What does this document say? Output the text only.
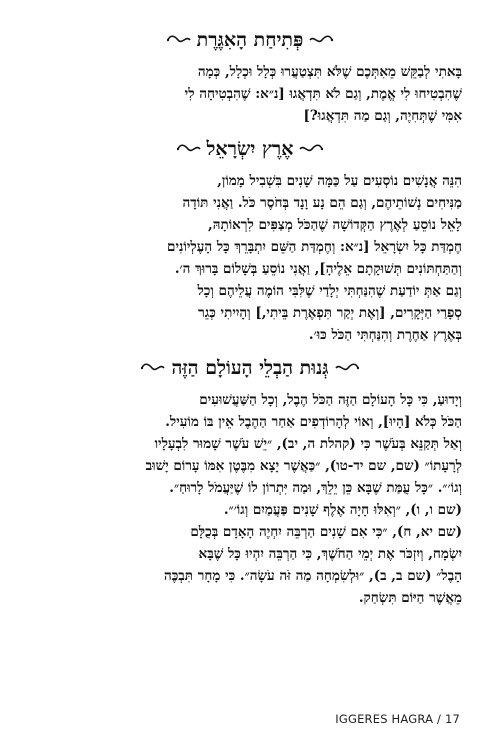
פְּתִיחַת הָאִגֶּרֶת
בָּאתִי לְבַקֵּשׁ מֵאִתְּכֶם שֶׁלֹּא תִּצְטַעֲרוּ כְּלָל וּכְלָל, כְּמָה
שֶׁהִבְטִיחוּ לִי אֱמֶת, וְגַם לֹא תִּדְאֲגוּ [נ״א: שֶׁהִבְטִיחָה לִי
אִמִּי שֶׁתְּחִיֶה, וְגַם מַה תִּדְאֲגוּ?]
אֶרֶץ יִשְׂרָאֵל
הִנֵּה אֲנָשִׁים נוֹסְעִים עַל כַּמָּה שָׁנִים בִּשְׁבִיל מָמוֹן,
מַנִּיחִים נְשׁוֹתֵיהֶם, וְגַם הֵם נָע וָנָד בְּחֹסֶר כֹּל. וַאֲנִי תּוֹדָה
לָאֵל נוֹסֵעַ לְאֶרֶץ הַקְּדוֹשָׁה שֶׁהַכֹּל מְצַפִּים לִרְאוֹתָהּ,
חֶמְדַּת כָּל יִשְׂרָאֵל [נ״א: וְחֶמְדַּת הַשֵּׁם יִתְבָּרֵךְ כָּל הָעֶלְיוֹנִים
וְהַתַּחְתּוֹנִים תְּשׁוּקָתָם אֵלֶיהָ], וַאֲנִי נוֹסֵעַ בְּשָׁלוֹם בָּרוּךְ ה׳.
וְגַם אַתְּ יוֹדַעַת שֶׁהִנַּחְתִּי יְלָדַי שֶׁלִּבִּי הוֹמֶה עֲלֵיהֶם וְכָל
סְפָרַי הַיְּקָרִים, [וְאֶת יְקַר תִּפְאֶרֶת בֵּיתִי,] וְהָיִיתִי כְּגֵר
בְּאֶרֶץ אַחֶרֶת וְהִנַּחְתִּי הַכֹּל כּוּ׳.
גְּנוּת הַבְלֵי הָעוֹלָם הַזֶּה
וְיָדוּעַ, כִּי כָּל הָעוֹלָם הַזֶּה הַכֹּל הֶבֶל, וְכָל הַשַּׁעֲשׁוּעִים
הַכֹּל כְּלֹא [הָיוּ], וְאוֹי לְהָרוֹדְפִים אַחַר הַהֶבֶל אֵין בּוֹ מוֹעִיל.
וְאַל תְּקַנֵּא בְּעֹשֶׁר כִּי (קהלת ה, יב), ״יֵשׁ עֹשֶׁר שָׁמוּר לִבְעָלָיו
לְרָעָתוֹ״ (שם, שם יד-טו), ״כַּאֲשֶׁר יָצָא מִבֶּטֶן אִמּוֹ עָרוֹם יָשׁוּב
וְגוֹ׳״. ״כָּל עֻמַּת שֶׁבָּא כֵּן יֵלֵךְ, וּמַה יִּתְרוֹן לוֹ שֶׁיַּעֲמֹל לָרוּחַ״.
(שם ו, ו), ״וְאִלּוּ חָיָה אֶלֶף שָׁנִים פַּעֲמַיִם וְגוֹ׳״.
(שם יא, ח), ״כִּי אִם שָׁנִים הַרְבֵּה יִחְיֶה הָאָדָם בְּכֻלָּם
יִשְׂמָח, וְיִזְכֹּר אֶת יְמֵי הַחֹשֶׁךְ, כִּי הַרְבֵּה יִהְיוּ כָּל שֶׁבָּא
הָבֶל״ (שם ב, ב), ״וּלְשִׂמְחָה מַה זֹּה עֹשָׂה״. כִּי מָחָר תִּבְכֶּה
מֵאֲשֶׁר הַיּוֹם תִּשְׂחַק.
IGGERES HAGRA / 17
